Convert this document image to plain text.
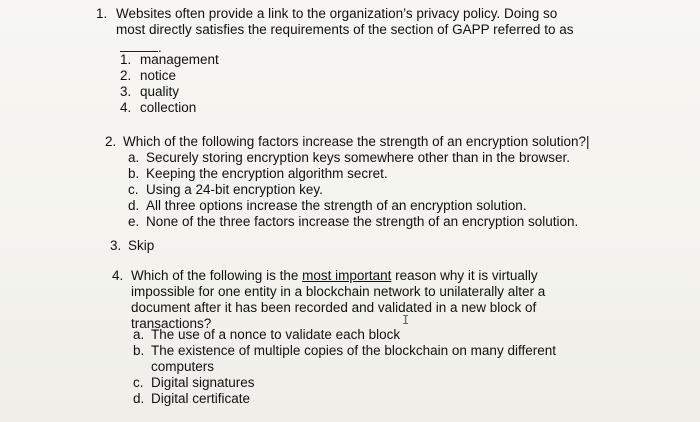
1. Websites often provide a link to the organization’s privacy policy. Doing so
most directly satisfies the requirements of the section of GAPP referred to as
.
1. management
2. notice
3. quality
4. collection
2. Which of the following factors increase the strength of an encryption solution?|
a. Securely storing encryption keys somewhere other than in the browser.
b. Keeping the encryption algorithm secret.
c. Using a 24-bit encryption key.
d. All three options increase the strength of an encryption solution.
e. None of the three factors increase the strength of an encryption solution.
3. Skip
4. Which of the following is the most important reason why it is virtually
impossible for one entity in a blockchain network to unilaterally alter a
document after it has been recorded and validated in a new block of
transactions?
a. The use of a nonce to validate each block
b. The existence of multiple copies of the blockchain on many different
computers
c. Digital signatures
d. Digital certificate
I
